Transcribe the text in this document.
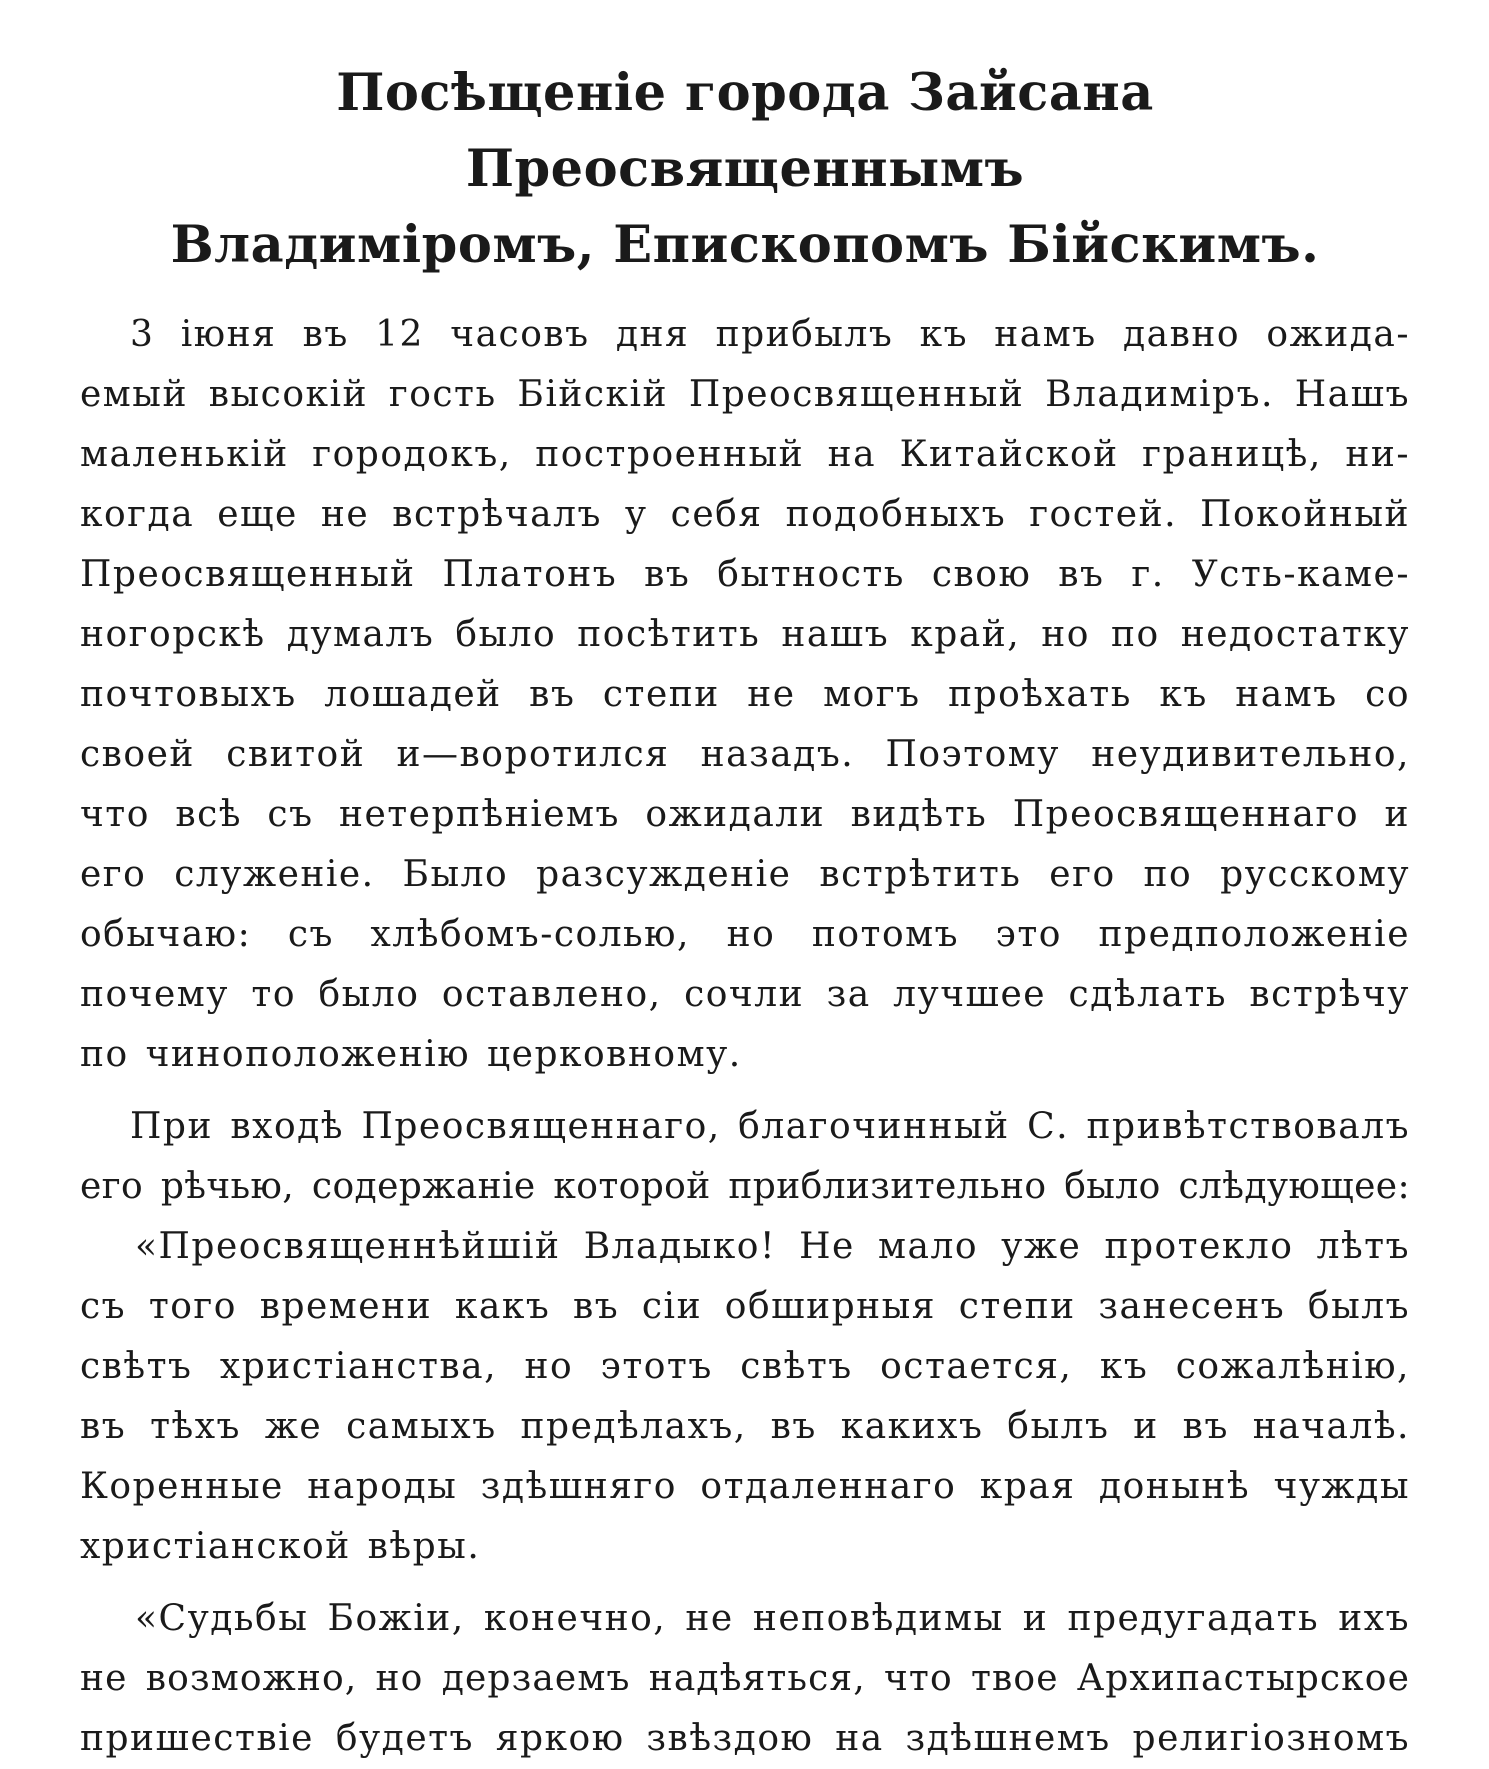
Посѣщеніе города Зайсана Преосвященнымъ
Владиміромъ, Епископомъ Бійскимъ.
3 іюня въ 12 часовъ дня прибылъ къ намъ давно ожида-
емый высокій гость Бійскій Преосвященный Владиміръ. Нашъ
маленькій городокъ, построенный на Китайской границѣ, ни-
когда еще не встрѣчалъ у себя подобныхъ гостей. Покойный
Преосвященный Платонъ въ бытность свою въ г. Усть-каме-
ногорскѣ думалъ было посѣтить нашъ край, но по недостатку
почтовыхъ лошадей въ степи не могъ проѣхать къ намъ со
своей свитой и—воротился назадъ. Поэтому неудивительно,
что всѣ съ нетерпѣніемъ ожидали видѣть Преосвященнаго и
его служеніе. Было разсужденіе встрѣтить его по русскому
обычаю: съ хлѣбомъ-солью, но потомъ это предположеніе
почему то было оставлено, сочли за лучшее сдѣлать встрѣчу
по чиноположенію церковному.
При входѣ Преосвященнаго, благочинный С. привѣтствовалъ
его рѣчью, содержаніе которой приблизительно было слѣдующее:
«Преосвященнѣйшій Владыко! Не мало уже протекло лѣтъ
съ того времени какъ въ сіи обширныя степи занесенъ былъ
свѣтъ христіанства, но этотъ свѣтъ остается, къ сожалѣнію,
въ тѣхъ же самыхъ предѣлахъ, въ какихъ былъ и въ началѣ.
Коренные народы здѣшняго отдаленнаго края донынѣ чужды
христіанской вѣры.
«Судьбы Божіи, конечно, не неповѣдимы и предугадать ихъ
не возможно, но дерзаемъ надѣяться, что твое Архипастырское
пришествіе будетъ яркою звѣздою на здѣшнемъ религіозномъ
